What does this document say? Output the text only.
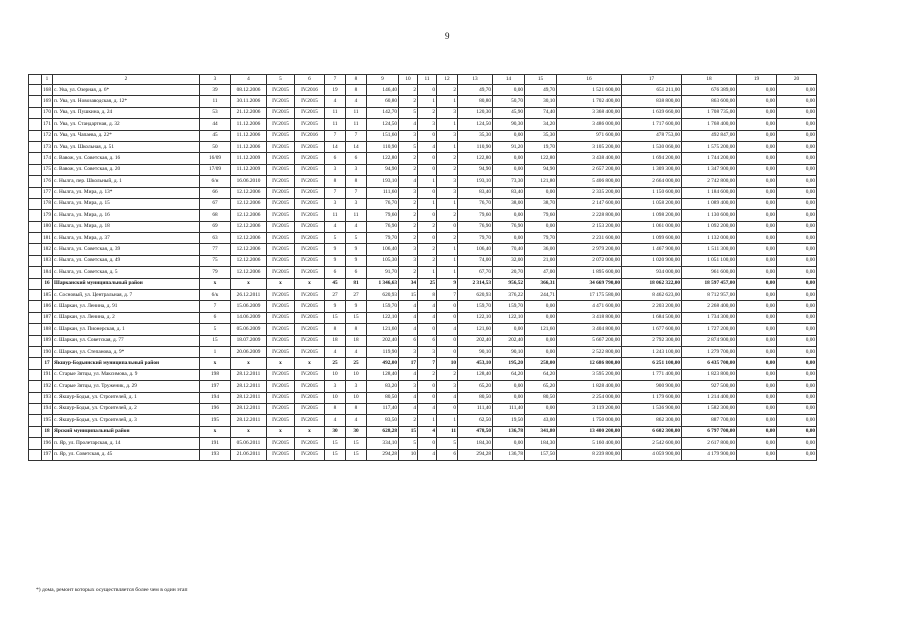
9
	1	2	3	4	5	6	7	8	9	10	11	12	13	14	15	16	17	18	19	20
	168	с. Ува, ул. Озерная, д. 6*	39	08.12.2006	IV.2015	IV.2016	19	8	146,40	2	0	2	49,70	0,00	49,70	1 521 600,00	651 211,00	676 389,00	0,00	0,00
	169	п. Ува, ул. Новозаводская, д. 12*	11	30.11.2006	IV.2015	IV.2015	4	4	60,80	2	1	1	80,80	50,70	30,10	1 702 400,00	838 800,00	863 600,00	0,00	0,00
	170	п. Ува, ул. Пушкина, д. 24	53	21.12.2006	IV.2015	IV.2015	11	11	142,70	5	2	3	120,30	45,90	74,40	3 368 400,00	1 639 660,00	1 708 735,00	0,00	0,00
	171	п. Ува, ул. Стандартная, д. 32	44	11.12.2006	IV.2015	IV.2015	11	11	124,50	4	3	1	124,50	90,30	34,20	3 486 000,00	1 717 600,00	1 768 400,00	0,00	0,00
	172	п. Ува, ул. Чапаева, д. 22*	45	11.12.2006	IV.2015	IV.2016	7	7	151,60	3	0	3	35,30	0,00	35,30	971 600,00	478 753,00	492 847,00	0,00	0,00
	173	п. Ува, ул. Школьная, д. 51	50	11.12.2006	IV.2015	IV.2015	14	14	110,90	5	4	1	110,90	91,20	19,70	3 105 200,00	1 530 060,00	1 575 200,00	0,00	0,00
	174	с. Вавож, ул. Советская, д. 16	16/09	11.12.2009	IV.2015	IV.2015	6	6	122,80	2	0	2	122,80	0,00	122,80	3 438 400,00	1 694 200,00	1 744 200,00	0,00	0,00
	175	с. Вавож, ул. Советская, д. 20	17/09	11.12.2009	IV.2015	IV.2015	3	3	94,90	2	0	2	94,90	0,00	94,90	2 657 200,00	1 309 300,00	1 347 900,00	0,00	0,00
	176	с. Нылга, пер. Школьный, д. 1	6/н	16.06.2010	IV.2015	IV.2015	8	8	193,10	4	1	3	193,10	73,30	121,80	5 406 800,00	2 664 000,00	2 742 800,00	0,00	0,00
	177	с. Нылга, ул. Мира, д. 13*	66	12.12.2006	IV.2015	IV.2015	7	7	111,60	3	0	3	83,40	83,40	0,00	2 335 200,00	1 150 600,00	1 184 600,00	0,00	0,00
	178	с. Нылга, ул. Мира, д. 15	67	12.12.2006	IV.2015	IV.2015	3	3	76,70	2	1	1	76,70	38,00	38,70	2 147 600,00	1 058 200,00	1 089 400,00	0,00	0,00
	179	с. Нылга, ул. Мира, д. 16	68	12.12.2006	IV.2015	IV.2015	11	11	79,60	2	0	2	79,60	0,00	79,60	2 228 800,00	1 098 200,00	1 130 600,00	0,00	0,00
	180	с. Нылга, ул. Мира, д. 18	69	12.12.2006	IV.2015	IV.2015	4	4	76,90	2	2	0	76,90	76,90	0,00	2 153 200,00	1 061 000,00	1 092 200,00	0,00	0,00
	181	с. Нылга, ул. Мира, д. 37	63	12.12.2006	IV.2015	IV.2015	5	5	79,70	2	0	2	79,70	0,00	79,70	2 231 600,00	1 099 600,00	1 132 000,00	0,00	0,00
	182	с. Нылга, ул. Советская, д. 39	77	12.12.2006	IV.2015	IV.2015	9	9	106,40	3	2	1	106,40	70,40	36,00	2 979 200,00	1 467 900,00	1 511 300,00	0,00	0,00
	183	с. Нылга, ул. Советская, д. 49	75	12.12.2006	IV.2015	IV.2015	9	9	105,30	3	2	1	74,00	32,00	21,00	2 072 000,00	1 020 900,00	1 051 100,00	0,00	0,00
	184	с. Нылга, ул. Советская, д. 5	79	12.12.2006	IV.2015	IV.2015	6	6	91,70	2	1	1	67,70	20,70	47,00	1 895 600,00	934 000,00	961 600,00	0,00	0,00
	16	Шарканский муниципальный район	х	х	х	х	45	81	1 346,63	34	25	9	2 314,53	956,52	366,31	34 669 790,00	18 062 322,00	18 597 457,00	0,00	0,00
	185	с. Сосновый, ул. Центральная, д. 7	6/к	26.12.2011	IV.2015	IV.2015	27	27	620,93	15	8	7	620,93	376,22	244,71	17 175 580,00	8 462 623,00	8 712 957,00	0,00	0,00
	186	с. Шаркан, ул. Ленина, д. 91	7	15.06.2009	IV.2015	IV.2015	9	9	159,70	4	4	0	159,70	159,70	0,00	4 471 600,00	2 203 200,00	2 268 400,00	0,00	0,00
	187	с. Шаркан, ул. Ленина, д. 2	6	14.06.2009	IV.2015	IV.2015	15	15	122,10	4	4	0	122,10	122,10	0,00	3 418 800,00	1 684 500,00	1 734 300,00	0,00	0,00
	188	с. Шаркан, ул. Пионерская, д. 1	5	05.06.2009	IV.2015	IV.2015	8	8	121,60	4	0	4	121,60	0,00	121,60	3 404 800,00	1 677 600,00	1 727 200,00	0,00	0,00
	189	с. Шаркан, ул. Советская, д. 77	15	18.07.2009	IV.2015	IV.2015	18	18	202,40	6	6	0	202,40	202,40	0,00	5 667 200,00	2 792 300,00	2 874 900,00	0,00	0,00
	190	с. Шаркан, ул. Степанова, д. 9*	1	20.06.2009	IV.2015	IV.2015	4	4	119,90	3	3	0	90,10	90,10	0,00	2 522 800,00	1 243 100,00	1 279 700,00	0,00	0,00
	17	Якшур-Бодьинский муниципальный район	х	х	х	х	25	25	492,00	17	7	10	453,10	195,20	258,00	12 686 800,00	6 251 100,00	6 435 700,00	0,00	0,00
	191	с. Старые Зятцы, ул. Максимова, д. 9	198	28.12.2011	IV.2015	IV.2015	10	10	128,40	4	2	2	128,40	64,20	64,20	3 595 200,00	1 771 400,00	1 823 800,00	0,00	0,00
	192	с. Старые Зятцы, ул. Труженик, д. 29	197	28.12.2011	IV.2015	IV.2015	3	3	83,20	3	0	3	65,20	0,00	65,20	1 828 400,00	900 900,00	927 500,00	0,00	0,00
	193	с. Якшур-Бодья, ул. Строителей, д. 1	194	28.12.2011	IV.2015	IV.2015	10	10	80,50	4	0	4	80,50	0,00	80,50	2 254 000,00	1 179 600,00	1 214 400,00	0,00	0,00
	194	с. Якшур-Бодья, ул. Строителей, д. 2	196	28.12.2011	IV.2015	IV.2015	8	8	117,40	4	4	0	111,40	111,40	0,00	3 119 200,00	1 536 900,00	1 582 300,00	0,00	0,00
	195	с. Якшур-Бодья, ул. Строителей, д. 3	195	28.12.2011	IV.2015	IV.2015	4	4	83,50	2	1	1	62,50	19,50	43,00	1 750 000,00	862 300,00	887 700,00	0,00	0,00
	18	Ярский муниципальный район	х	х	х	х	30	30	628,28	15	4	11	478,50	136,78	341,80	13 400 200,00	6 602 300,00	6 797 700,00	0,00	0,00
	196	п. Яр, ул. Пролетарская, д. 14	191	05.06.2011	IV.2015	IV.2015	15	15	334,10	5	0	5	184,30	0,00	184,30	5 160 400,00	2 542 600,00	2 617 800,00	0,00	0,00
	197	п. Яр, ул. Советская, д. 45	193	21.06.2011	IV.2015	IV.2015	15	15	294,28	10	4	6	294,28	136,78	157,50	8 239 800,00	4 059 900,00	4 179 900,00	0,00	0,00
*) дома, ремонт которых осуществляется более чем в один этап
